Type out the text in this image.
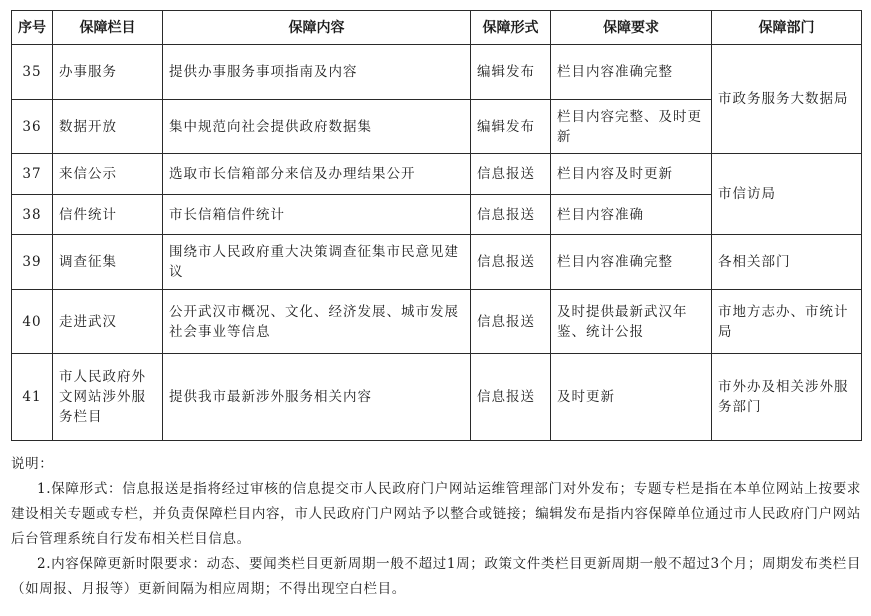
序号	保障栏目	保障内容	保障形式	保障要求	保障部门
35	办事服务	提供办事服务事项指南及内容	编辑发布	栏目内容准确完整	市政务服务大数据局
36	数据开放	集中规范向社会提供政府数据集	编辑发布	栏目内容完整、及时更新	
37	来信公示	选取市长信箱部分来信及办理结果公开	信息报送	栏目内容及时更新	市信访局
38	信件统计	市长信箱信件统计	信息报送	栏目内容准确	
39	调查征集	围绕市人民政府重大决策调查征集市民意见建议	信息报送	栏目内容准确完整	各相关部门
40	走进武汉	公开武汉市概况、文化、经济发展、城市发展社会事业等信息	信息报送	及时提供最新武汉年鉴、统计公报	市地方志办、市统计局
41	市人民政府外文网站涉外服务栏目	提供我市最新涉外服务相关内容	信息报送	及时更新	市外办及相关涉外服务部门

说明：

1.保障形式：信息报送是指将经过审核的信息提交市人民政府门户网站运维管理部门对外发布；专题专栏是指在本单位网站上按要求建设相关专题或专栏，并负责保障栏目内容，市人民政府门户网站予以整合或链接；编辑发布是指内容保障单位通过市人民政府门户网站后台管理系统自行发布相关栏目信息。

2.内容保障更新时限要求：动态、要闻类栏目更新周期一般不超过1周；政策文件类栏目更新周期一般不超过3个月；周期发布类栏目（如周报、月报等）更新间隔为相应周期；不得出现空白栏目。
